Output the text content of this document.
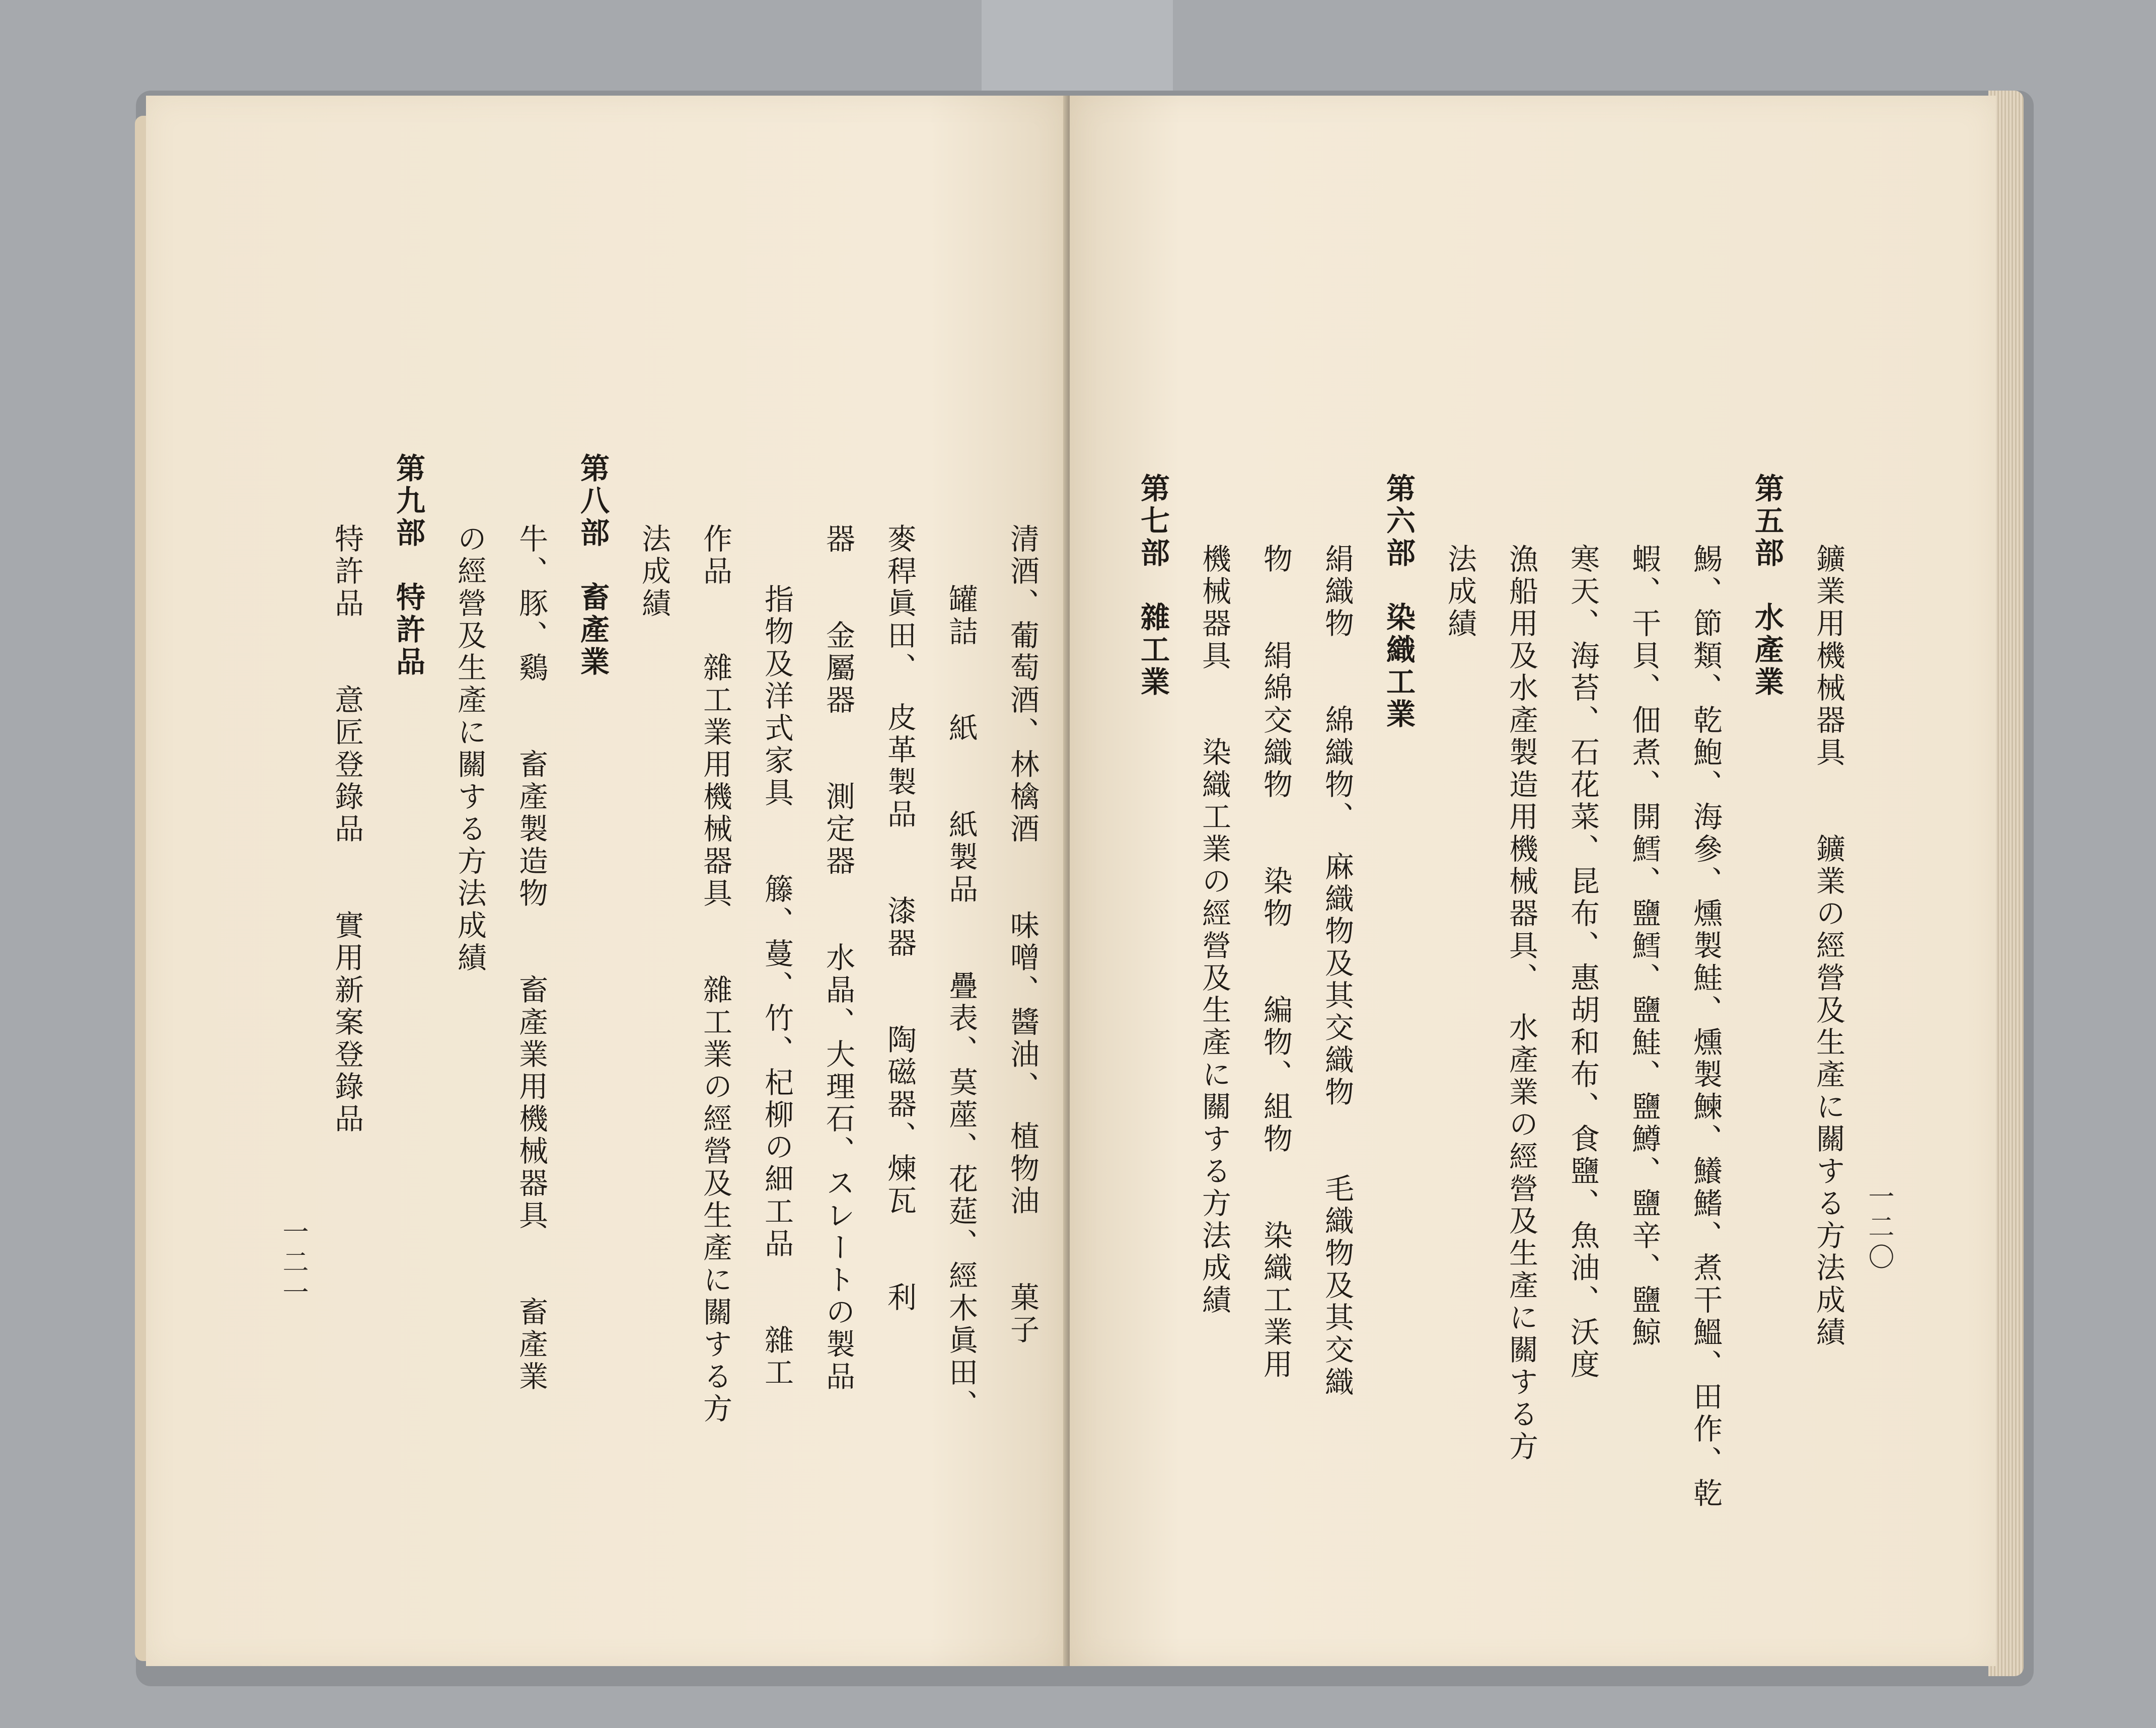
清酒、葡萄酒、林檎酒　　味噌、醬油、　植物油　　菓子
罐詰　　紙　　紙製品　　疊表、茣蓙、花莚、經木眞田、
麥稈眞田、　皮革製品　　漆器　　陶磁器、煉瓦　　利
器　　金屬器　　測定器　　水晶、大理石、スレートの製品
指物及洋式家具　　籐、蔓、竹、杞柳の細工品　　雜工
作品　　雜工業用機械器具　　雜工業の經營及生產に關する方
法成績
第八部　畜產業
牛、豚、鷄　　畜產製造物　　畜產業用機械器具　　畜產業
の經營及生產に關する方法成績
第九部　特許品
特許品　　意匠登錄品　　實用新案登錄品
一二一	一二〇
鑛業用機械器具　　鑛業の經營及生產に關する方法成績
第五部　水產業
鯣、節類、乾鮑、海參、燻製鮭、燻製鰊、鱶鰭、煮干鰮、田作、乾
蝦、干貝、佃煮、開鱈、鹽鱈、鹽鮭、鹽鱒、鹽辛、鹽鯨
寒天、海苔、石花菜、昆布、惠胡和布、食鹽、魚油、沃度
漁船用及水產製造用機械器具、　水產業の經營及生產に關する方
法成績
第六部　染織工業
絹織物　　綿織物、　麻織物及其交織物　　毛織物及其交織
物　　絹綿交織物　　染物　　編物、組物　　染織工業用
機械器具　　染織工業の經營及生產に關する方法成績
第七部　雜工業
